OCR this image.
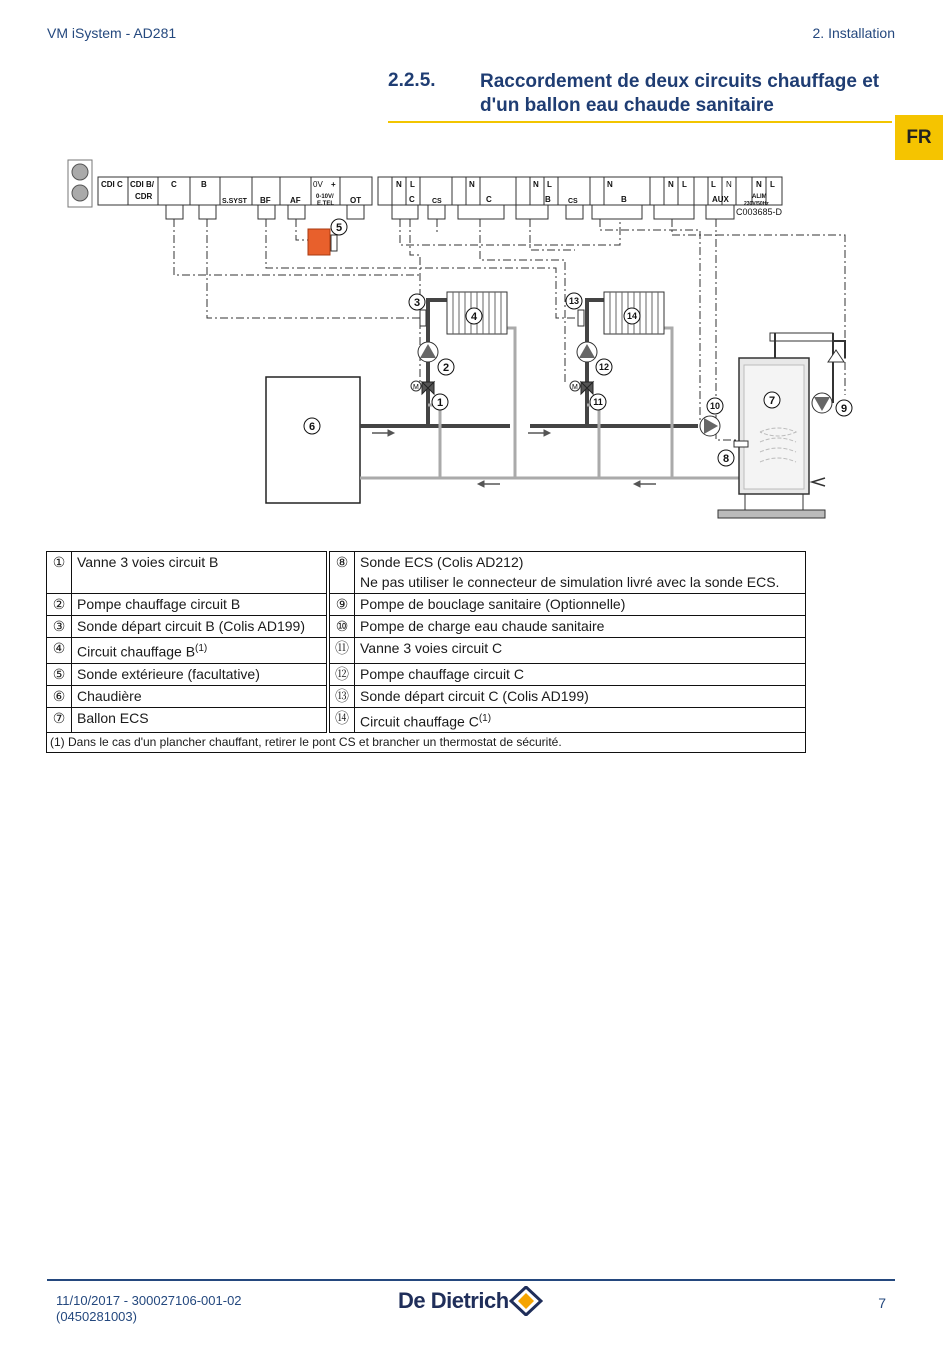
VM iSystem - AD281	2. Installation
2.2.5. Raccordement de deux circuits chauffage et d'un ballon eau chaude sanitaire
FR
CDI C CDI B/
CDR
C	B
S.SYST BF AF
0V +
0-10V/
E.TEL OT
N L
C CS
N
C
N L
B CS
N
B
N L	L N
AUX
N L
ALIM
230V/50Hz
C003685-D
M	M
1
2
3
4
5
6
7
8
9
10
11
12
13
14
①	Vanne 3 voies circuit B	⑧	Sonde ECS (Colis AD212)
Ne pas utiliser le connecteur de simulation livré avec la sonde ECS.

②	Pompe chauffage circuit B	⑨	Pompe de bouclage sanitaire (Optionnelle)
③	Sonde départ circuit B (Colis AD199)	⑩	Pompe de charge eau chaude sanitaire
④	Circuit chauffage $B^{(1)}$	⑪	Vanne 3 voies circuit C
⑤	Sonde extérieure (facultative)	⑫	Pompe chauffage circuit C
⑥	Chaudière	⑬	Sonde départ circuit C (Colis AD199)
⑦	Ballon ECS	⑭	Circuit chauffage $C^{(1)}$
(1) Dans le cas d'un plancher chauffant, retirer le pont CS et brancher un thermostat de sécurité.			
11/10/2017 - 300027106-001-02
(0450281003)
De Dietrich	7
